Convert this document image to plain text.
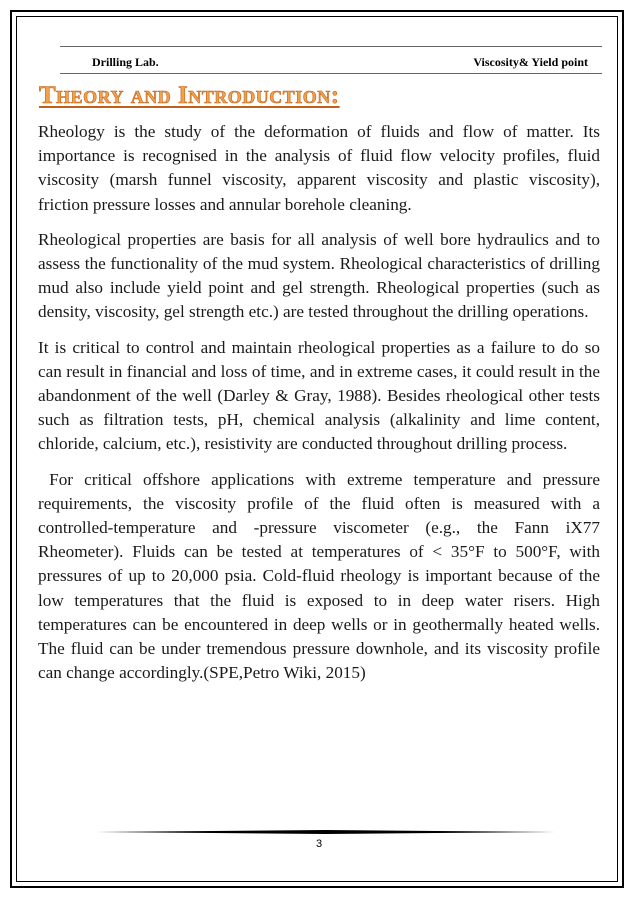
Drilling Lab.	Viscosity& Yield point
Theory and Introduction:

Rheology is the study of the deformation of fluids and flow of matter. Its importance is recognised in the analysis of fluid flow velocity profiles, fluid viscosity (marsh funnel viscosity, apparent viscosity and plastic viscosity), friction pressure losses and annular borehole cleaning.

Rheological properties are basis for all analysis of well bore hydraulics and to assess the functionality of the mud system. Rheological characteristics of drilling mud also include yield point and gel strength. Rheological properties (such as density, viscosity, gel strength etc.) are tested throughout the drilling operations.

It is critical to control and maintain rheological properties as a failure to do so can result in financial and loss of time, and in extreme cases, it could result in the abandonment of the well (Darley & Gray, 1988). Besides rheological other tests such as filtration tests, pH, chemical analysis (alkalinity and lime content, chloride, calcium, etc.), resistivity are conducted throughout drilling process.

For critical offshore applications with extreme temperature and pressure requirements, the viscosity profile of the fluid often is measured with a controlled-temperature and -pressure viscometer (e.g., the Fann iX77 Rheometer). Fluids can be tested at temperatures of < 35°F to 500°F, with pressures of up to 20,000 psia. Cold-fluid rheology is important because of the low temperatures that the fluid is exposed to in deep water risers. High temperatures can be encountered in deep wells or in geothermally heated wells. The fluid can be under tremendous pressure downhole, and its viscosity profile can change accordingly.(SPE,Petro Wiki, 2015)

3
